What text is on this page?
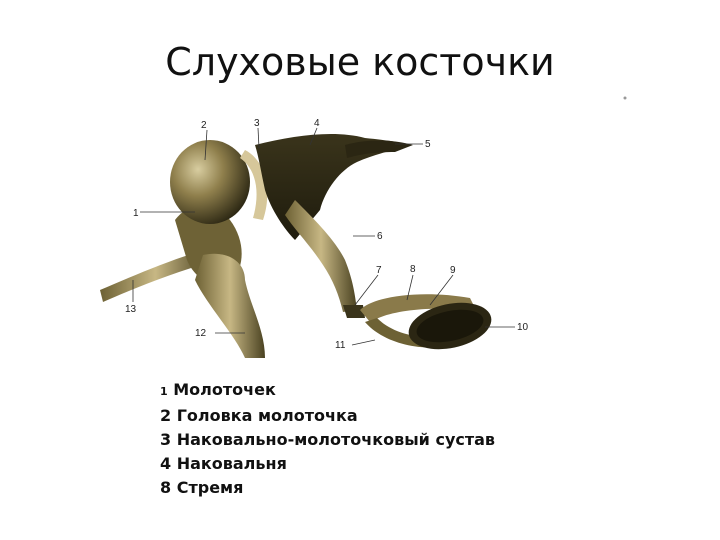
Слуховые косточки
1
2	3	4
5
6
7	8	9
10
11
12
13
1 Молоточек
2 Головка молоточка
3 Наковально-молоточковый сустав
4 Наковальня
8 Стремя
